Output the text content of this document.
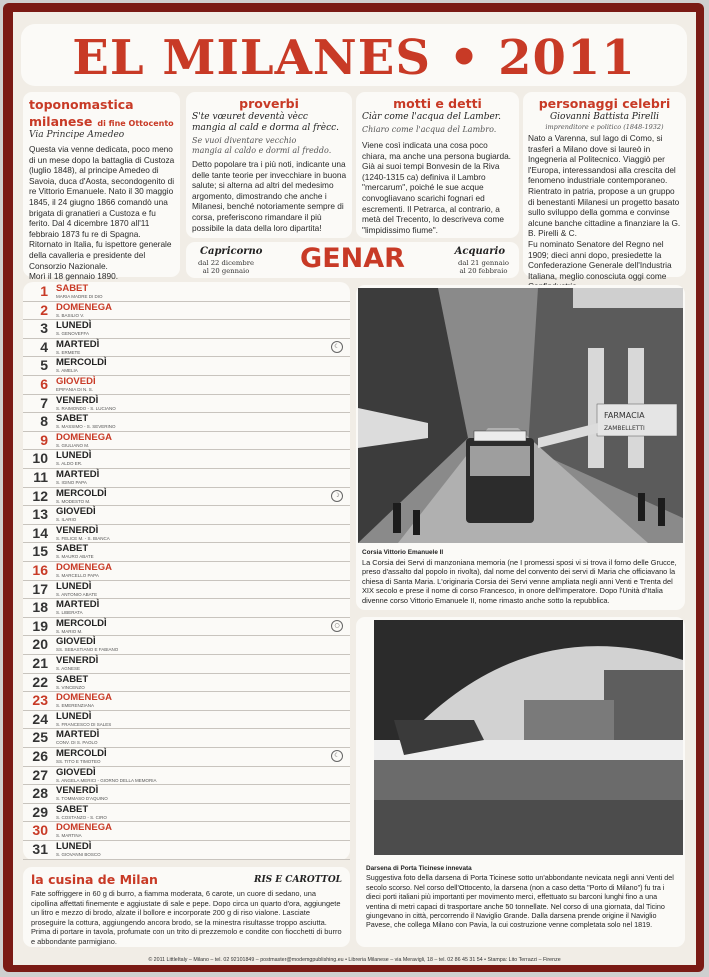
EL MILANES • 2011
toponomastica
milanese di fine Ottocento
Via Principe Amedeo
Questa via venne dedicata, poco meno di un mese dopo la battaglia di Custoza (luglio 1848), al principe Amedeo di Savoia, duca d'Aosta, secondogenito di re Vittorio Emanuele. Nato il 30 maggio 1845, il 24 giugno 1866 comandò una brigata di granatieri a Custoza e fu ferito. Dal 4 dicembre 1870 all'11 febbraio 1873 fu re di Spagna. Ritornato in Italia, fu ispettore generale della cavalleria e presidente del Consorzio Nazionale.
Morì il 18 gennaio 1890.
proverbi
S'te vœuret deventà vècc
mangia al cald e dorma al frècc.
Se vuoi diventare vecchio
mangia al caldo e dormi al freddo.
Detto popolare tra i più noti, indicante una delle tante teorie per invecchiare in buona salute; si alterna ad altri del medesimo argomento, dimostrando che anche i Milanesi, benché notoriamente sempre di corsa, preferiscono rimandare il più possibile la data della loro dipartita!
motti e detti
Ciàr come l'acqua del Lamber.
Chiaro come l'acqua del Lambro.
Viene così indicata una cosa poco chiara, ma anche una persona bugiarda. Già ai suoi tempi Bonvesin de la Riva (1240-1315 ca) definiva il Lambro "mercarum", poiché le sue acque convogliavano scarichi fognari ed escrementi. Il Petrarca, al contrario, a metà del Trecento, lo descriveva come "limpidissimo fiume".
personaggi celebri
Giovanni Battista Pirelli
imprenditore e politico (1848-1932)
Nato a Varenna, sul lago di Como, si trasferì a Milano dove si laureò in Ingegneria al Politecnico. Viaggiò per l'Europa, interessandosi alla crescita del fenomeno industriale contemporaneo. Rientrato in patria, propose a un gruppo di benestanti Milanesi un progetto basato sullo sviluppo della gomma e convinse alcune banche cittadine a finanziare la G. B. Pirelli & C.
Fu nominato Senatore del Regno nel 1909; dieci anni dopo, presiedette la Confederazione Generale dell'Industria Italiana, meglio conosciuta oggi come
Capricorno
dal 22 dicembre
al 20 gennaio	GENAR	Acquario
dal 21 gennaio
al 20 febbraio
1 SABET
MARIA MADRE DI DIO
2 DOMENEGA
S. BASILIO V.
3 LUNEDÌ
S. GENOVEFFA
4 MARTEDÌ
S. ERMETE
☾
5 MERCOLDÌ
S. AMELIA
6 GIOVEDÌ
EPIFANIA DI N. S.
7 VENERDÌ
S. RAIMONDO - S. LUCIANO
8 SABET
S. MASSIMO - S. SEVERINO
9 DOMENEGA
S. GIULIANO M.
10 LUNEDÌ
S. ALDO ER.
11 MARTEDÌ
S. IGINO PAPA
12 MERCOLDÌ
S. MODESTO M.
☽
13 GIOVEDÌ
S. ILARIO
14 VENERDÌ
S. FELICE M. - S. BIANCA
15 SABET
S. MAURO ABATE
16 DOMENEGA
S. MARCELLO PAPA
17 LUNEDÌ
S. ANTONIO ABATE
18 MARTEDÌ
S. LIBERATA
19 MERCOLDÌ
S. MARIO M.
○
20 GIOVEDÌ
SS. SEBASTIANO E FABIANO
21 VENERDÌ
S. AGNESE
22 SABET
S. VINCENZO
23 DOMENEGA
S. EMERENZIANA
24 LUNEDÌ
S. FRANCESCO DI SALES
25 MARTEDÌ
CONV. DI S. PAOLO
26 MERCOLDÌ
SS. TITO E TIMOTEO
☾
27 GIOVEDÌ
S. ANGELA MERICI - GIORNO DELLA MEMORIA
28 VENERDÌ
S. TOMMASO D'AQUINO
29 SABET
S. COSTANZO - S. CIRO
30 DOMENEGA
S. MARTINA
31 LUNEDÌ
S. GIOVANNI BOSCO
FARMACIA
ZAMBELLETTI
Corsia Vittorio Emanuele II
La Corsia dei Servi di manzoniana memoria (ne I promessi sposi vi si trova il forno delle Grucce, preso d'assalto dal popolo in rivolta), dal nome del convento dei servi di Maria che officiavano la chiesa di Santa Maria. L'originaria Corsia dei Servi venne ampliata negli anni Venti e Trenta del XIX secolo e prese il nome di corso Francesco, in onore dell'imperatore. Dopo l'Unità d'Italia divenne corso Vittorio Emanuele II, nome rimasto anche sotto la repubblica.
Darsena di Porta Ticinese innevata
Suggestiva foto della darsena di Porta Ticinese sotto un'abbondante nevicata negli anni Venti del secolo scorso. Nel corso dell'Ottocento, la darsena (non a caso detta "Porto di Milano") fu tra i dieci porti italiani più importanti per movimento merci, effettuato su barconi lunghi fino a una ventina di metri capaci di trasportare anche 50 tonnellate. Nel corso di una giornata, dal Ticino giungevano in città, percorrendo il Naviglio Grande. Dalla darsena prende origine il Naviglio Pavese, che collega Milano con Pavia, la cui costruzione venne completata solo nel 1819.
la cusina de Milan	RIS E CAROTTOL
Fate soffriggere in 60 g di burro, a fiamma moderata, 6 carote, un cuore di sedano, una cipollina affettati finemente e aggiustate di sale e pepe. Dopo circa un quarto d'ora, aggiungete un litro e mezzo di brodo, alzate il bollore e incorporate 200 g di riso vialone. Lasciate proseguire la cottura, aggiungendo ancora brodo, se la minestra risultasse troppo asciutta. Prima di portare in tavola, profumate con un trito di prezzemolo e condite con fiocchetti di burro e abbondante parmigiano.
© 2011 LittleItaly – Milano – tel. 02 92101849 – postmaster@modemgpublishing.eu • Libreria Milanese – via Meravigli, 18 – tel. 02 86 45 31 54 • Stampa: Lito Terrazzi – Firenze
